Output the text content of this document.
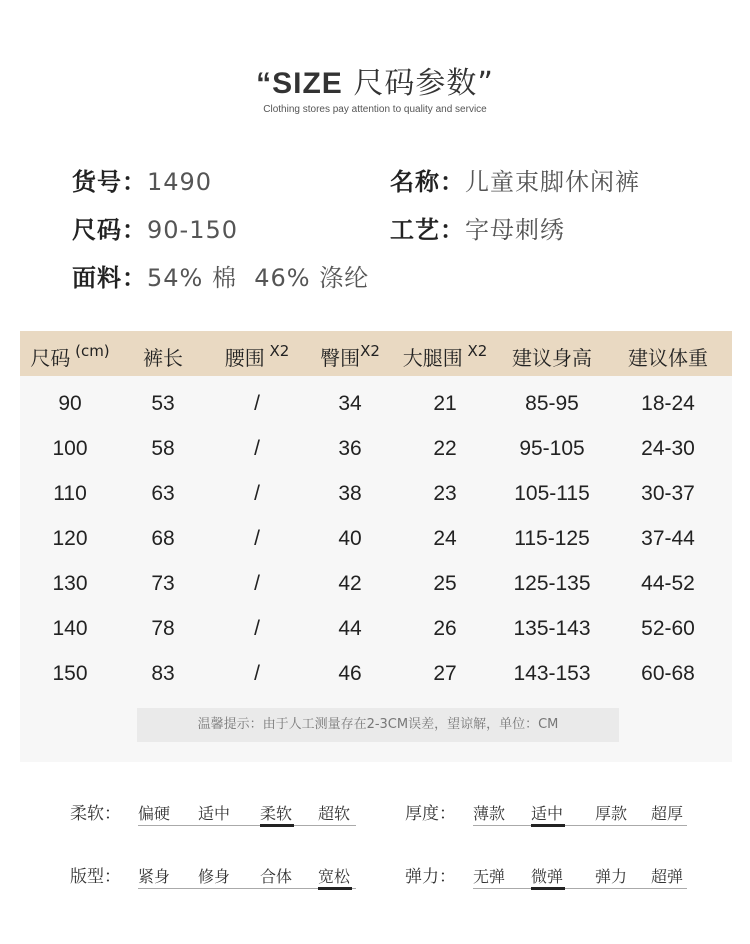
“SIZE 尺码参数”
Clothing stores pay attention to quality and service
货号：1490	名称：儿童束脚休闲裤
尺码：90-150	工艺：字母刺绣
面料：54% 棉  46% 涤纶
尺码 (cm) 裤长 腰围 X2 臀围 X2 大腿围 X2 建议身高 建议体重
90	53	/	34	21	85-95	18-24
100	58	/	36	22	95-105	24-30
110	63	/	38	23	105-115 30-37
120	68	/	40	24	115-125 37-44
130	73	/	42	25	125-135 44-52
140	78	/	44	26	135-143 52-60
150	83	/	46	27	143-153 60-68
温馨提示：由于人工测量存在2-3CM误差，望谅解，单位：CM
柔软： 偏硬 适中 柔软 超软	厚度： 薄款 适中 厚款 超厚
版型： 紧身 修身 合体 宽松	弹力： 无弹 微弹 弹力 超弹
